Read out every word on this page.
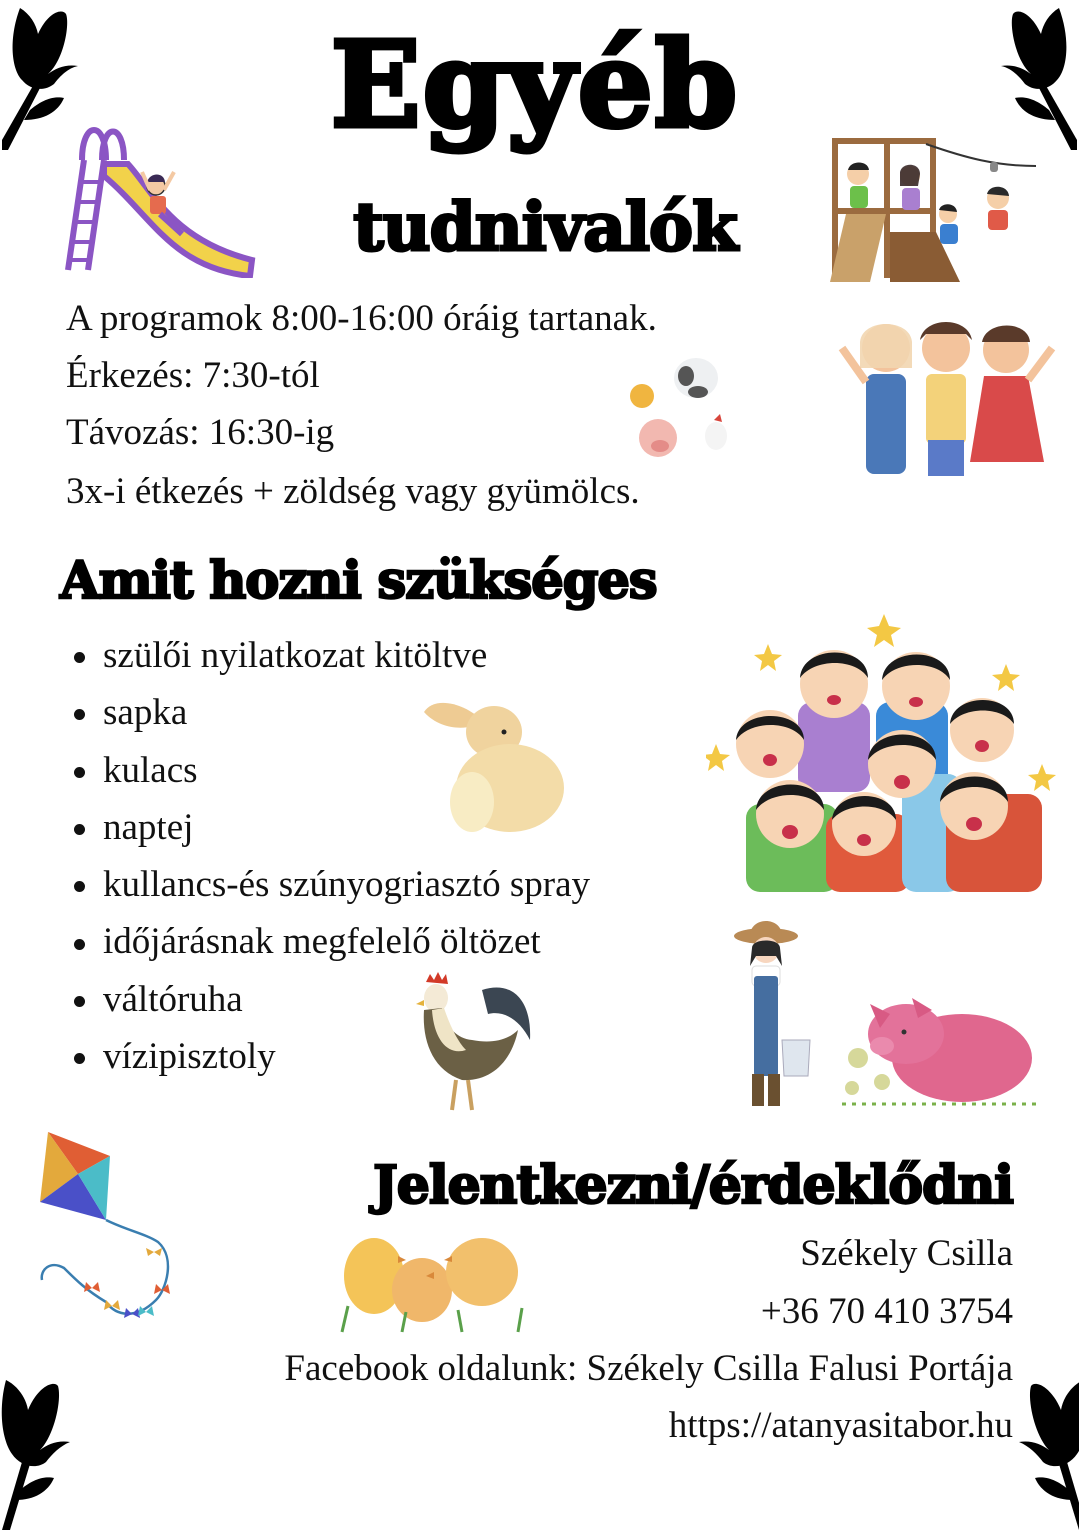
Egyéb
tudnivalók
A programok 8:00-16:00 óráig tartanak.
Érkezés: 7:30-tól
Távozás: 16:30-ig
3x-i étkezés + zöldség vagy gyümölcs.
Amit hozni szükséges
szülői nyilatkozat kitöltve
sapka
kulacs
naptej
kullancs-és szúnyogriasztó spray
időjárásnak megfelelő öltözet
váltóruha
vízipisztoly
Jelentkezni/érdeklődni
Székely Csilla
+36 70 410 3754
Facebook oldalunk: Székely Csilla Falusi Portája
https://atanyasitabor.hu
